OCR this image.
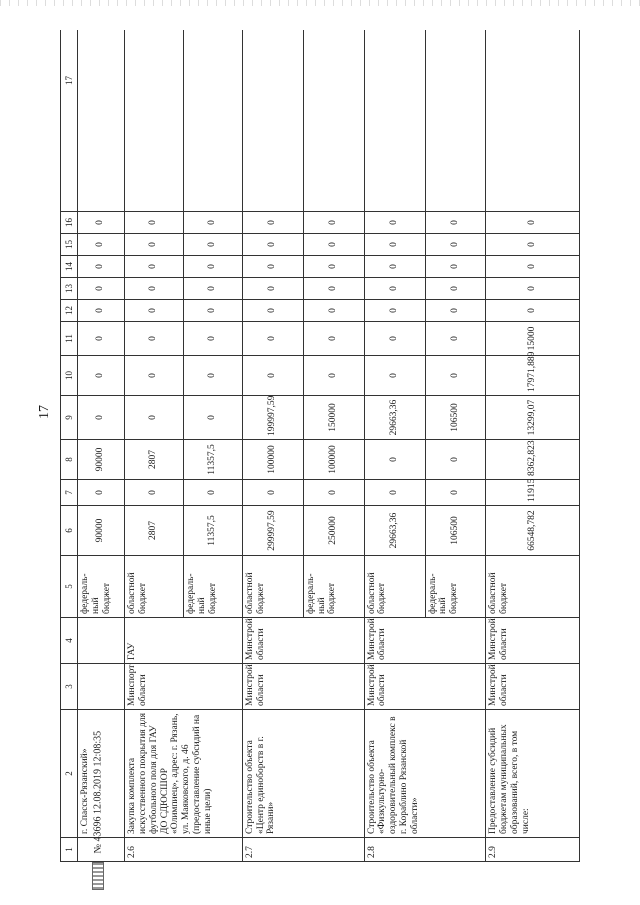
17
1	2	3	4	5	6	7	8	9	10	11	12	13	14	15	16	17
	г. Спасск-Рязанский»			федераль-
ный
бюджет	90000	0	90000	0	0	0	0	0	0	0	0	
2.6	Закупка комплекта искусственного покрытия для футбольного поля для ГАУ ДО СДЮСШОР «Олимпиец», адрес: г. Рязань, ул. Маяковского, д. 46 (предоставление субсидий на иные цели)	Минспорт области	ГАУ	областной бюджет	2807	0	2807	0	0	0	0	0	0	0	0	
				федераль-
ный
бюджет	11357,5	0	11357,5	0	0	0	0	0	0	0	0	
2.7	Строительство объекта «Центр единоборств в г. Рязани»	Минстрой области	Минстрой области	областной бюджет	299997,59	0	100000	199997,59	0	0	0	0	0	0	0	
				федераль-
ный
бюджет	250000	0	100000	150000	0	0	0	0	0	0	0	
2.8	Строительство объекта «Физкультурно-оздоровительный комплекс в г. Кораблино Рязанской области»	Минстрой области	Минстрой области	областной бюджет	29663,36	0	0	29663,36	0	0	0	0	0	0	0	
				федераль-
ный
бюджет	106500	0	0	106500	0	0	0	0	0	0	0	
2.9	Предоставление субсидий бюджетам муниципальных образований, всего, в том числе:	Минстрой области	Минстрой области	областной бюджет	66548,782	11915	8362,823	13299,07	17971,889	15000	0	0	0	0	0	
№ 43696 12.08.2019 12:08:35
